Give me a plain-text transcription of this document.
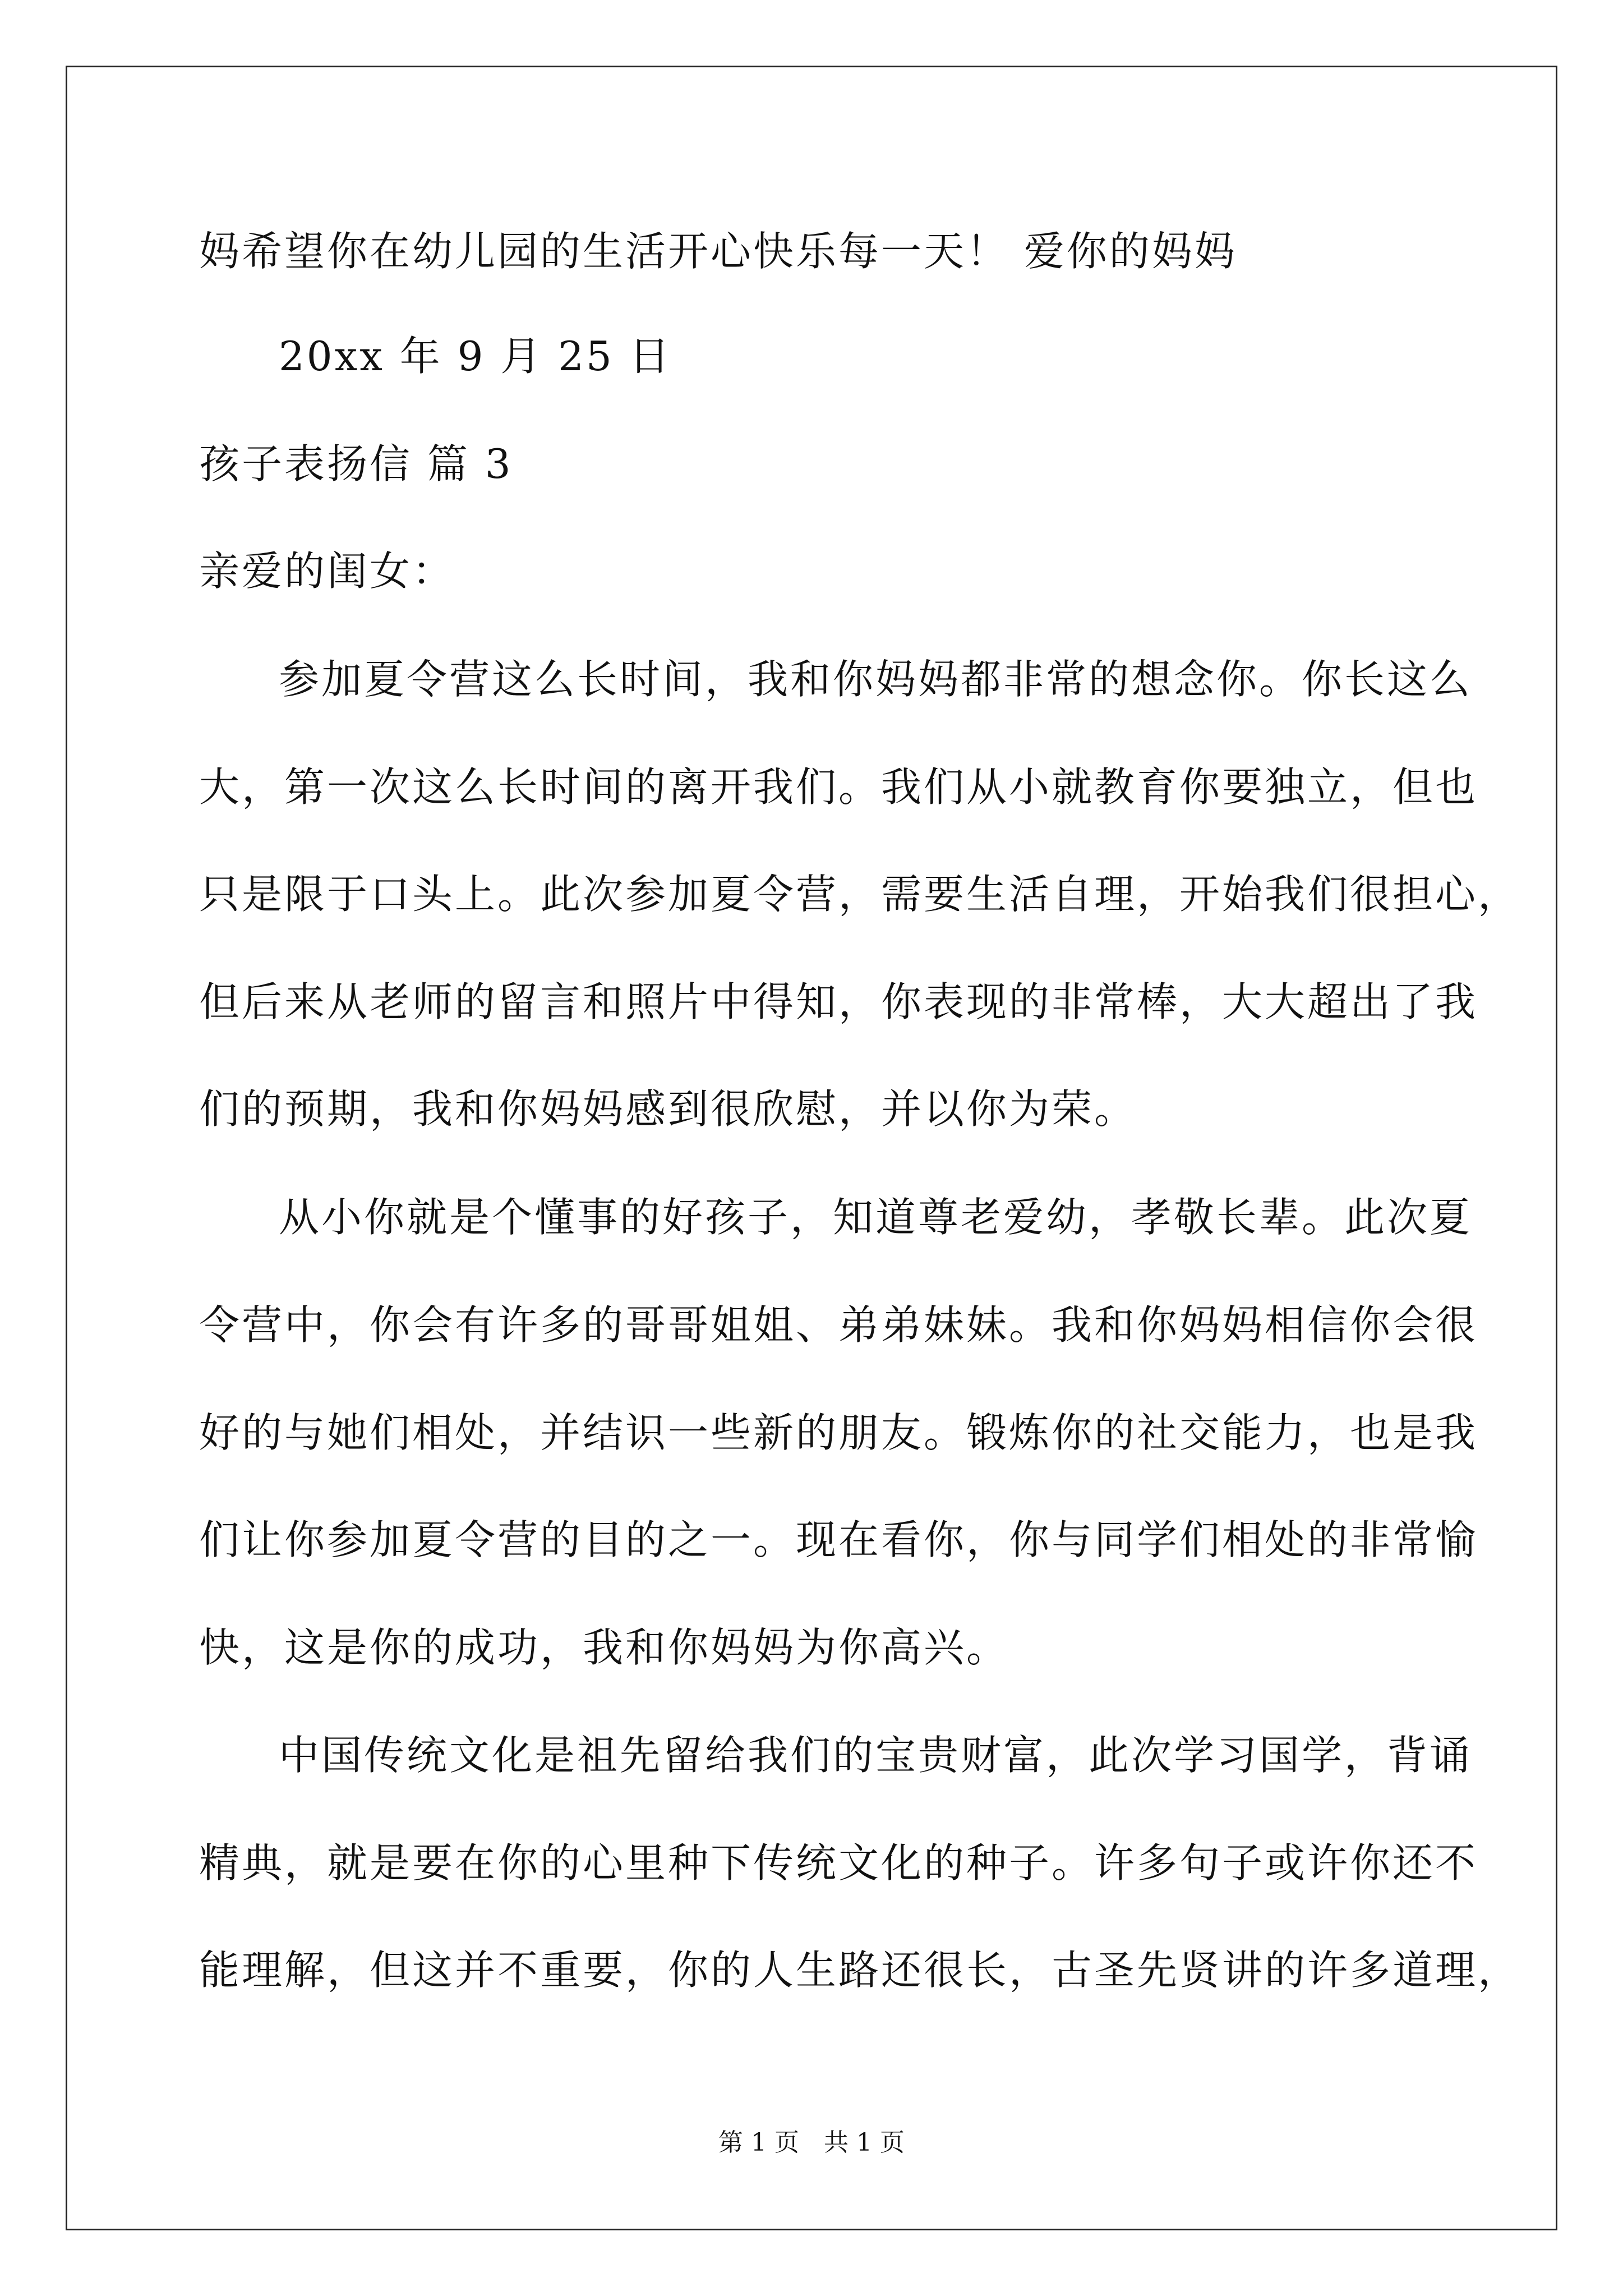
妈希望你在幼儿园的生活开心快乐每一天！ 爱你的妈妈
20xx 年 9 月 25 日
孩子表扬信 篇 3
亲爱的闺女：
参加夏令营这么长时间，我和你妈妈都非常的想念你。你长这么
大，第一次这么长时间的离开我们。我们从小就教育你要独立，但也
只是限于口头上。此次参加夏令营，需要生活自理，开始我们很担心，
但后来从老师的留言和照片中得知，你表现的非常棒，大大超出了我
们的预期，我和你妈妈感到很欣慰，并以你为荣。
从小你就是个懂事的好孩子，知道尊老爱幼，孝敬长辈。此次夏
令营中，你会有许多的哥哥姐姐、弟弟妹妹。我和你妈妈相信你会很
好的与她们相处，并结识一些新的朋友。锻炼你的社交能力，也是我
们让你参加夏令营的目的之一。现在看你，你与同学们相处的非常愉
快，这是你的成功，我和你妈妈为你高兴。
中国传统文化是祖先留给我们的宝贵财富，此次学习国学，背诵
精典，就是要在你的心里种下传统文化的种子。许多句子或许你还不
能理解，但这并不重要，你的人生路还很长，古圣先贤讲的许多道理，
第 1 页　共 1 页
